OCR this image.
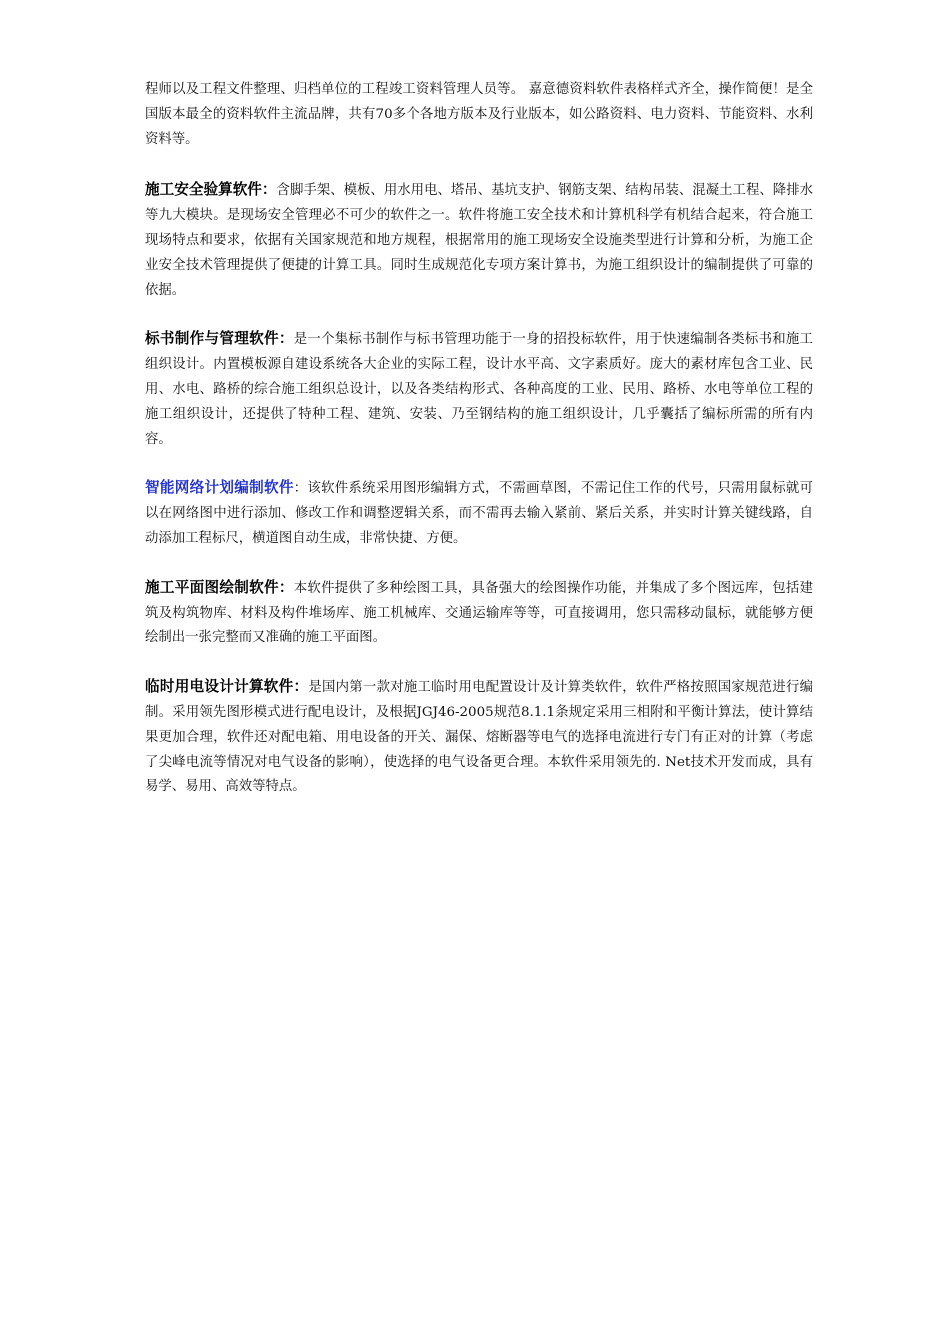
程师以及工程文件整理、归档单位的工程竣工资料管理人员等。 嘉意德资料软件表格样式齐全，操作简便！是全国版本最全的资料软件主流品牌，共有70多个各地方版本及行业版本，如公路资料、电力资料、节能资料、水利资料等。

施工安全验算软件：含脚手架、模板、用水用电、塔吊、基坑支护、钢筋支架、结构吊装、混凝土工程、降排水等九大模块。是现场安全管理必不可少的软件之一。软件将施工安全技术和计算机科学有机结合起来，符合施工现场特点和要求，依据有关国家规范和地方规程，根据常用的施工现场安全设施类型进行计算和分析，为施工企业安全技术管理提供了便捷的计算工具。同时生成规范化专项方案计算书，为施工组织设计的编制提供了可靠的依据。

标书制作与管理软件：是一个集标书制作与标书管理功能于一身的招投标软件，用于快速编制各类标书和施工组织设计。内置模板源自建设系统各大企业的实际工程，设计水平高、文字素质好。庞大的素材库包含工业、民用、水电、路桥的综合施工组织总设计，以及各类结构形式、各种高度的工业、民用、路桥、水电等单位工程的施工组织设计，还提供了特种工程、建筑、安装、乃至钢结构的施工组织设计，几乎囊括了编标所需的所有内容。

智能网络计划编制软件：该软件系统采用图形编辑方式，不需画草图，不需记住工作的代号，只需用鼠标就可以在网络图中进行添加、修改工作和调整逻辑关系，而不需再去输入紧前、紧后关系，并实时计算关键线路，自动添加工程标尺，横道图自动生成，非常快捷、方便。

施工平面图绘制软件：本软件提供了多种绘图工具，具备强大的绘图操作功能，并集成了多个图远库，包括建筑及构筑物库、材料及构件堆场库、施工机械库、交通运输库等等，可直接调用，您只需移动鼠标，就能够方便绘制出一张完整而又准确的施工平面图。

临时用电设计计算软件：是国内第一款对施工临时用电配置设计及计算类软件，软件严格按照国家规范进行编制。采用领先图形模式进行配电设计，及根据JGJ46-2005规范8.1.1条规定采用三相附和平衡计算法，使计算结果更加合理，软件还对配电箱、用电设备的开关、漏保、熔断器等电气的选择电流进行专门有正对的计算（考虑了尖峰电流等情况对电气设备的影响），使选择的电气设备更合理。本软件采用领先的. Net技术开发而成，具有易学、易用、高效等特点。
